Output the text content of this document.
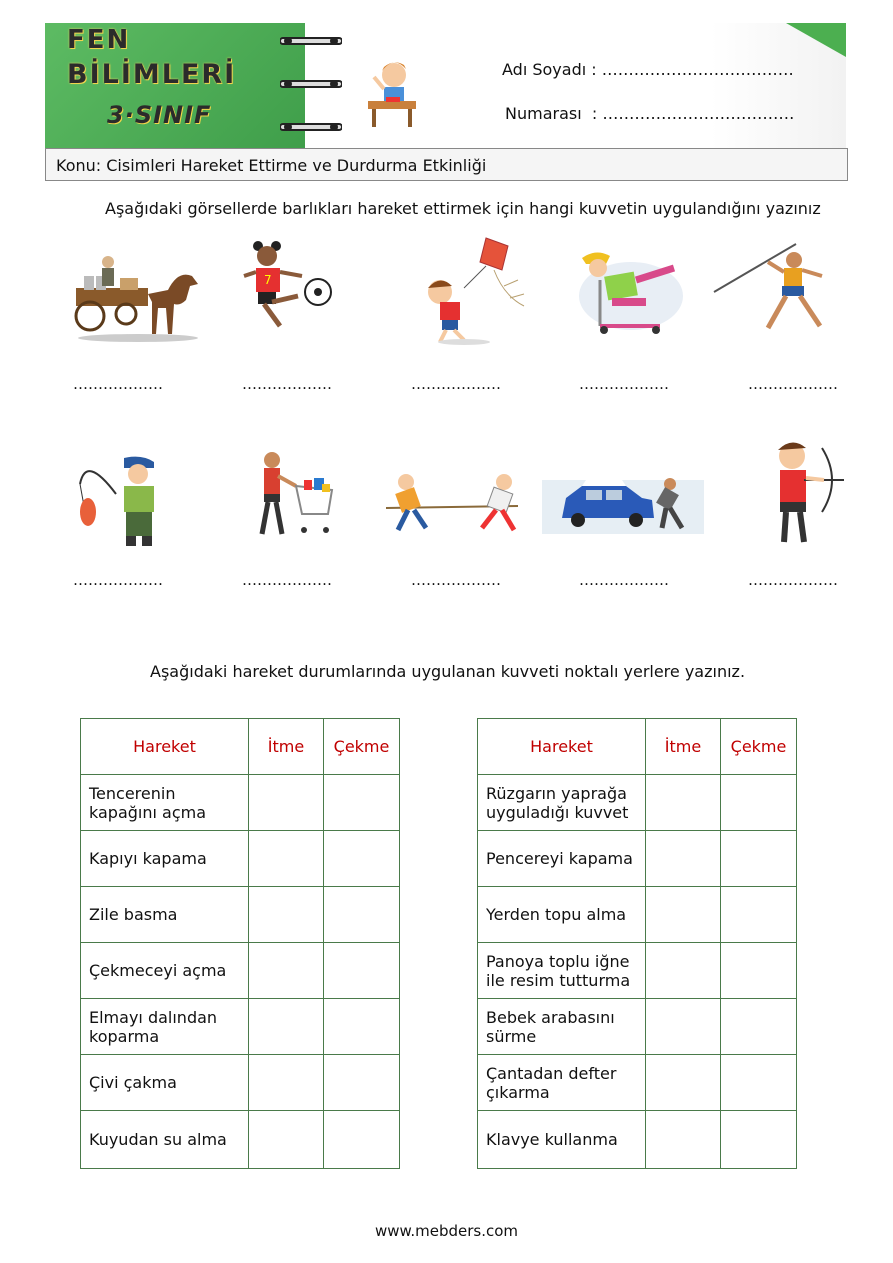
FEN
BİLİMLERİ
3·SINIF
Adı Soyadı : ………………………………
Numarası  : ………………………………
Konu: Cisimleri Hareket Ettirme ve Durdurma Etkinliği
Aşağıdaki görsellerde barlıkları hareket ettirmek için hangi kuvvetin uygulandığını yazınız
7
………………	………………	………………	………………	………………
………………	………………	………………	………………	………………
Aşağıdaki hareket durumlarında uygulanan kuvveti noktalı yerlere yazınız.
Hareket	İtme	Çekme
Tencerenin kapağını açma		
Kapıyı kapama		
Zile basma		
Çekmeceyi açma		
Elmayı dalından koparma		
Çivi çakma		
Kuyudan su alma		
Hareket	İtme	Çekme
Rüzgarın yaprağa uyguladığı kuvvet		
Pencereyi kapama		
Yerden topu alma		
Panoya toplu iğne ile resim tutturma		
Bebek arabasını sürme		
Çantadan defter çıkarma		
Klavye kullanma		
www.mebders.com
